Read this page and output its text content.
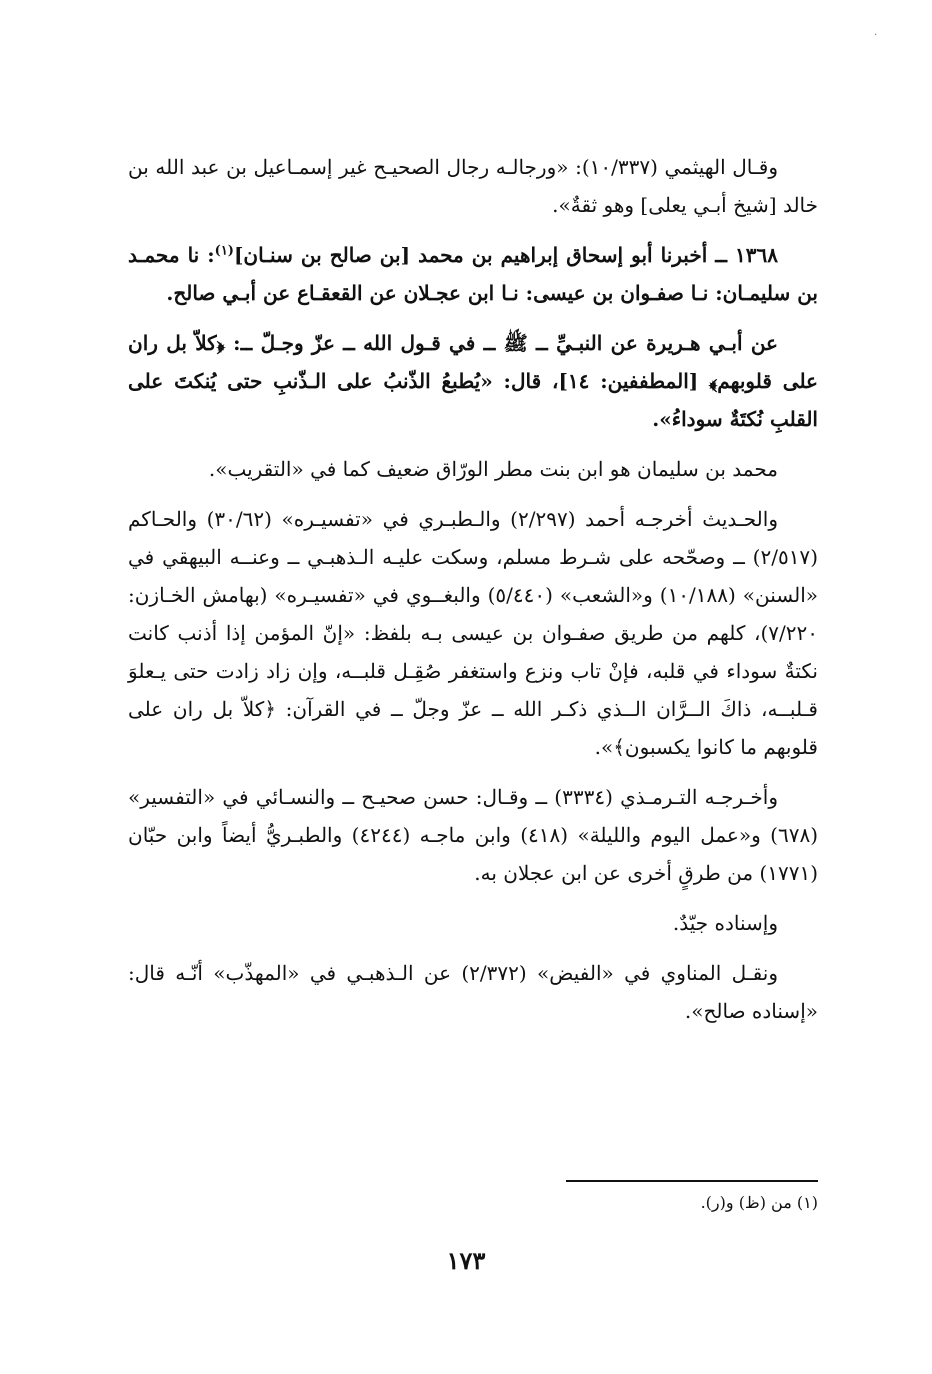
·

وقـال الهيثمي (١٠/٣٣٧): «ورجالـه رجال الصحيـح غير إسمـاعيل بن عبد الله بن خالد [شيخ أبـي يعلى] وهو ثقةٌ».

١٣٦٨ ــ أخبرنا أبو إسحاق إبراهيم بن محمد [بن صالح بن سنـان]$^{(١)}$: نا محمـد بن سليمـان: نـا صفـوان بن عيسى: نـا ابن عجـلان عن القعقـاع عن أبـي صالح.

عن أبـي هـريرة عن النبـيِّ ــ ﷺ ــ في قـول الله ــ عزّ وجـلّ ــ: ﴿كلاّ بل ران على قلوبهم﴾ [المطففين: ١٤]، قال: «يُطبعُ الذّنبُ على الـذّنبِ حتى يُنكتَ على القلبِ نُكتَةٌ سوداءُ».

محمد بن سليمان هو ابن بنت مطر الورّاق ضعيف كما في «التقريب».

والحـديث أخرجـه أحمد (٢/٢٩٧) والـطبـري في «تفسيـره» (٣٠/٦٢) والحـاكم (٢/٥١٧) ــ وصحّحه على شـرط مسلم، وسكت عليـه الـذهبـي ــ وعنــه البيهقي في «السنن» (١٠/١٨٨) و«الشعب» (٥/٤٤٠) والبغــوي في «تفسيـره» (بهامش الخـازن: ٧/٢٢٠)، كلهم من طريق صفـوان بن عيسى بـه بلفظ: «إنّ المؤمن إذا أذنب كانت نكتةٌ سوداء في قلبه، فإنْ تاب ونزع واستغفر صُقِـل قلبــه، وإن زاد زادت حتى يـعلوَ قـلبــه، ذاكَ الــرَّان الــذي ذكـر الله ــ عزّ وجلّ ــ في القرآن: ﴿كلاّ بل ران على قلوبهم ما كانوا يكسبون﴾».

وأخـرجـه التـرمـذي (٣٣٣٤) ــ وقـال: حسن صحيـح ــ والنسـائي في «التفسير» (٦٧٨) و«عمل اليوم والليلة» (٤١٨) وابن ماجـه (٤٢٤٤) والطبـريُّ أيضاً وابن حبّان (١٧٧١) من طرقٍ أخرى عن ابن عجلان به.

وإسناده جيّدٌ.

ونقـل المناوي في «الفيض» (٢/٣٧٢) عن الـذهبـي في «المهذّب» أنّـه قال: «إسناده صالح».

(١) من (ظ) و(ر).
١٧٣
